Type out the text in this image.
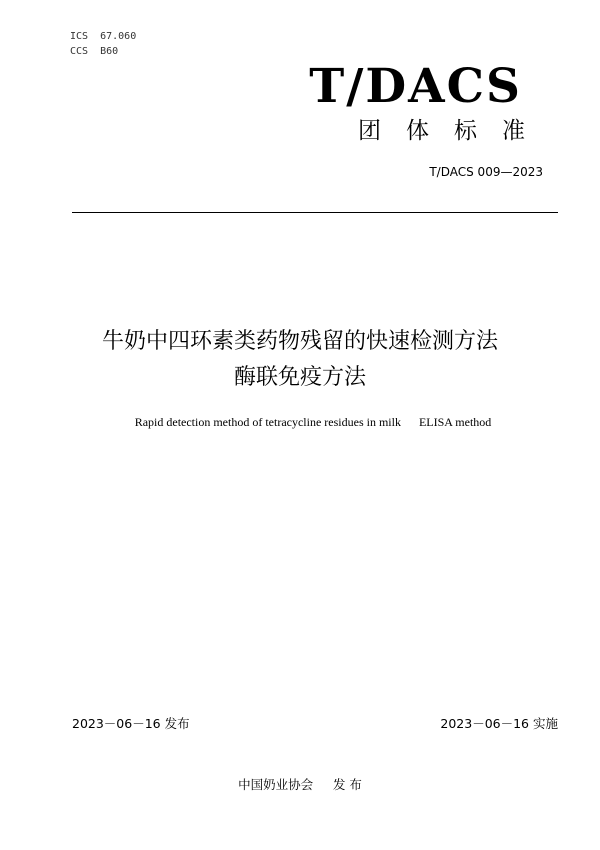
ICS  67.060
CCS  B60
T/DACS
团体标准
T/DACS 009—2023
牛奶中四环素类药物残留的快速检测方法
酶联免疫方法
Rapid detection method of tetracycline residues in milk      ELISA method
2023－06－16 发布	2023－06－16 实施
中国奶业协会     发 布
